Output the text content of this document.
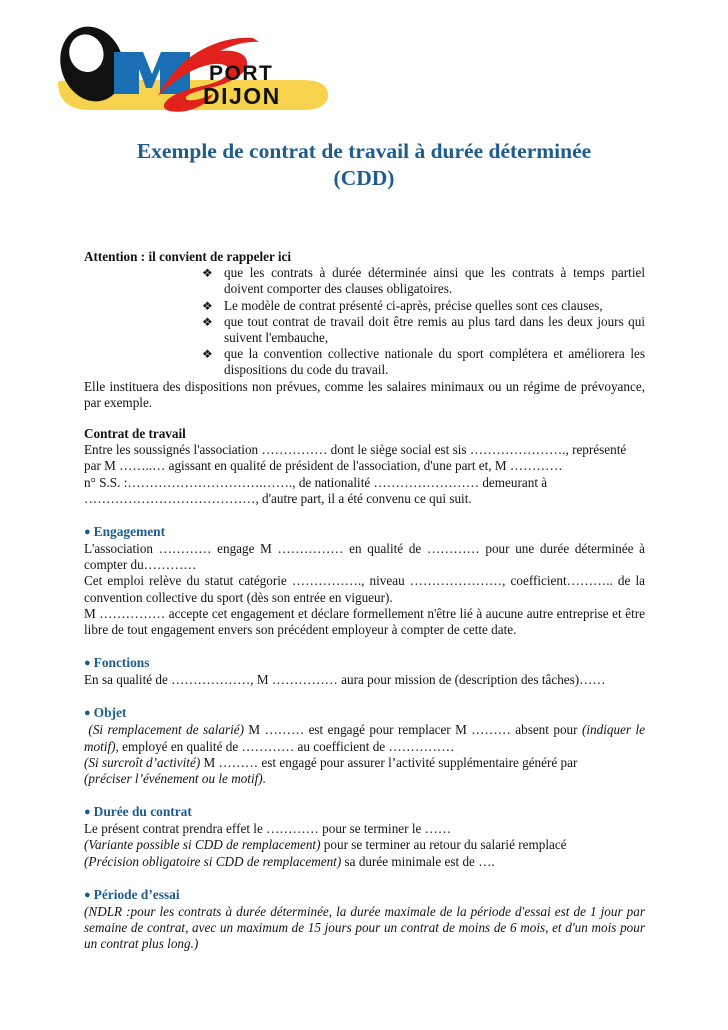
PORT
DIJON
Exemple de contrat de travail à durée déterminée
(CDD)

Attention : il convient de rappeler ici

❖ que les contrats à durée déterminée ainsi que les contrats à temps partiel doivent comporter des clauses obligatoires.
❖ Le modèle de contrat présenté ci-après, précise quelles sont ces clauses,
❖ que tout contrat de travail doit être remis au plus tard dans les deux jours qui suivent l'embauche,
❖ que la convention collective nationale du sport complétera et améliorera les dispositions du code du travail.

Elle instituera des dispositions non prévues, comme les salaires minimaux ou un régime de prévoyance, par exemple.

Contrat de travail

Entre les soussignés l'association …………… dont le siège social est sis …………………., représenté

par M ……..… agissant en qualité de président de l'association, d'une part et, M …………

n° S.S. :………………………….……., de nationalité …………………… demeurant à

…………………………………, d'autre part, il a été convenu ce qui suit.

● Engagement

L'association ………… engage M …………… en qualité de ………… pour une durée déterminée à compter du…………

Cet emploi relève du statut catégorie ……………., niveau …………………, coefficient……….. de la convention collective du sport (dès son entrée en vigueur).

M …………… accepte cet engagement et déclare formellement n'être lié à aucune autre entreprise et être libre de tout engagement envers son précédent employeur à compter de cette date.

● Fonctions

En sa qualité de ………………, M …………… aura pour mission de (description des tâches)……

● Objet

(Si remplacement de salarié) M ……… est engagé pour remplacer M ……… absent pour (indiquer le motif), employé en qualité de ………… au coefficient de ……………

(Si surcroît d’activité) M ……… est engagé pour assurer l’activité supplémentaire généré par

(préciser l’événement ou le motif).

● Durée du contrat

Le présent contrat prendra effet le ………… pour se terminer le ……

(Variante possible si CDD de remplacement) pour se terminer au retour du salarié remplacé

(Précision obligatoire si CDD de remplacement) sa durée minimale est de ….

● Période d’essai

(NDLR :pour les contrats à durée déterminée, la durée maximale de la période d'essai est de 1 jour par semaine de contrat, avec un maximum de 15 jours pour un contrat de moins de 6 mois, et d'un mois pour un contrat plus long.)
